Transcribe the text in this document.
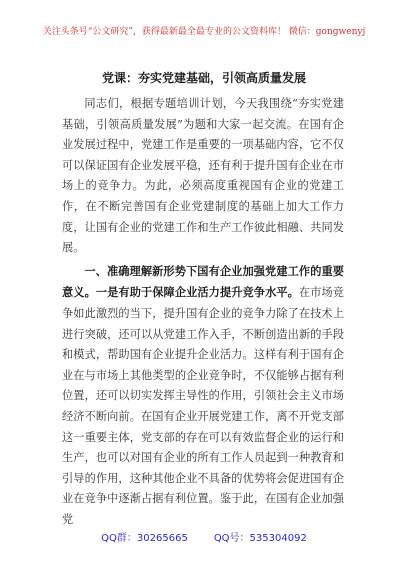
关注头条号“公文研究”，获得最新最全最专业的公文资料库！ 微信：gongwenyj
党课：夯实党建基础，引领高质量发展

同志们，根据专题培训计划，今天我围绕“夯实党建基础，引领高质量发展”为题和大家一起交流。在国有企业发展过程中，党建工作是重要的一项基础内容，它不仅可以保证国有企业发展平稳，还有利于提升国有企业在市场上的竞争力。为此，必须高度重视国有企业的党建工作，在不断完善国有企业党建制度的基础上加大工作力度，让国有企业的党建工作和生产工作彼此相融、共同发展。

一、准确理解新形势下国有企业加强党建工作的重要意义。一是有助于保障企业活力提升竞争水平。在市场竞争如此激烈的当下，提升国有企业的竞争力除了在技术上进行突破，还可以从党建工作入手，不断创造出新的手段和模式，帮助国有企业提升企业活力。这样有利于国有企业在与市场上其他类型的企业竞争时，不仅能够占据有利位置，还可以切实发挥主导性的作用，引领社会主义市场经济不断向前。在国有企业开展党建工作，离不开党支部这一重要主体，党支部的存在可以有效监督企业的运行和生产，也可以对国有企业的所有工作人员起到一种教育和引导的作用，这种其他企业不具备的优势将会促进国有企业在竞争中逐渐占据有利位置。鉴于此，在国有企业加强党

QQ群：30265665	QQ号：535304092
